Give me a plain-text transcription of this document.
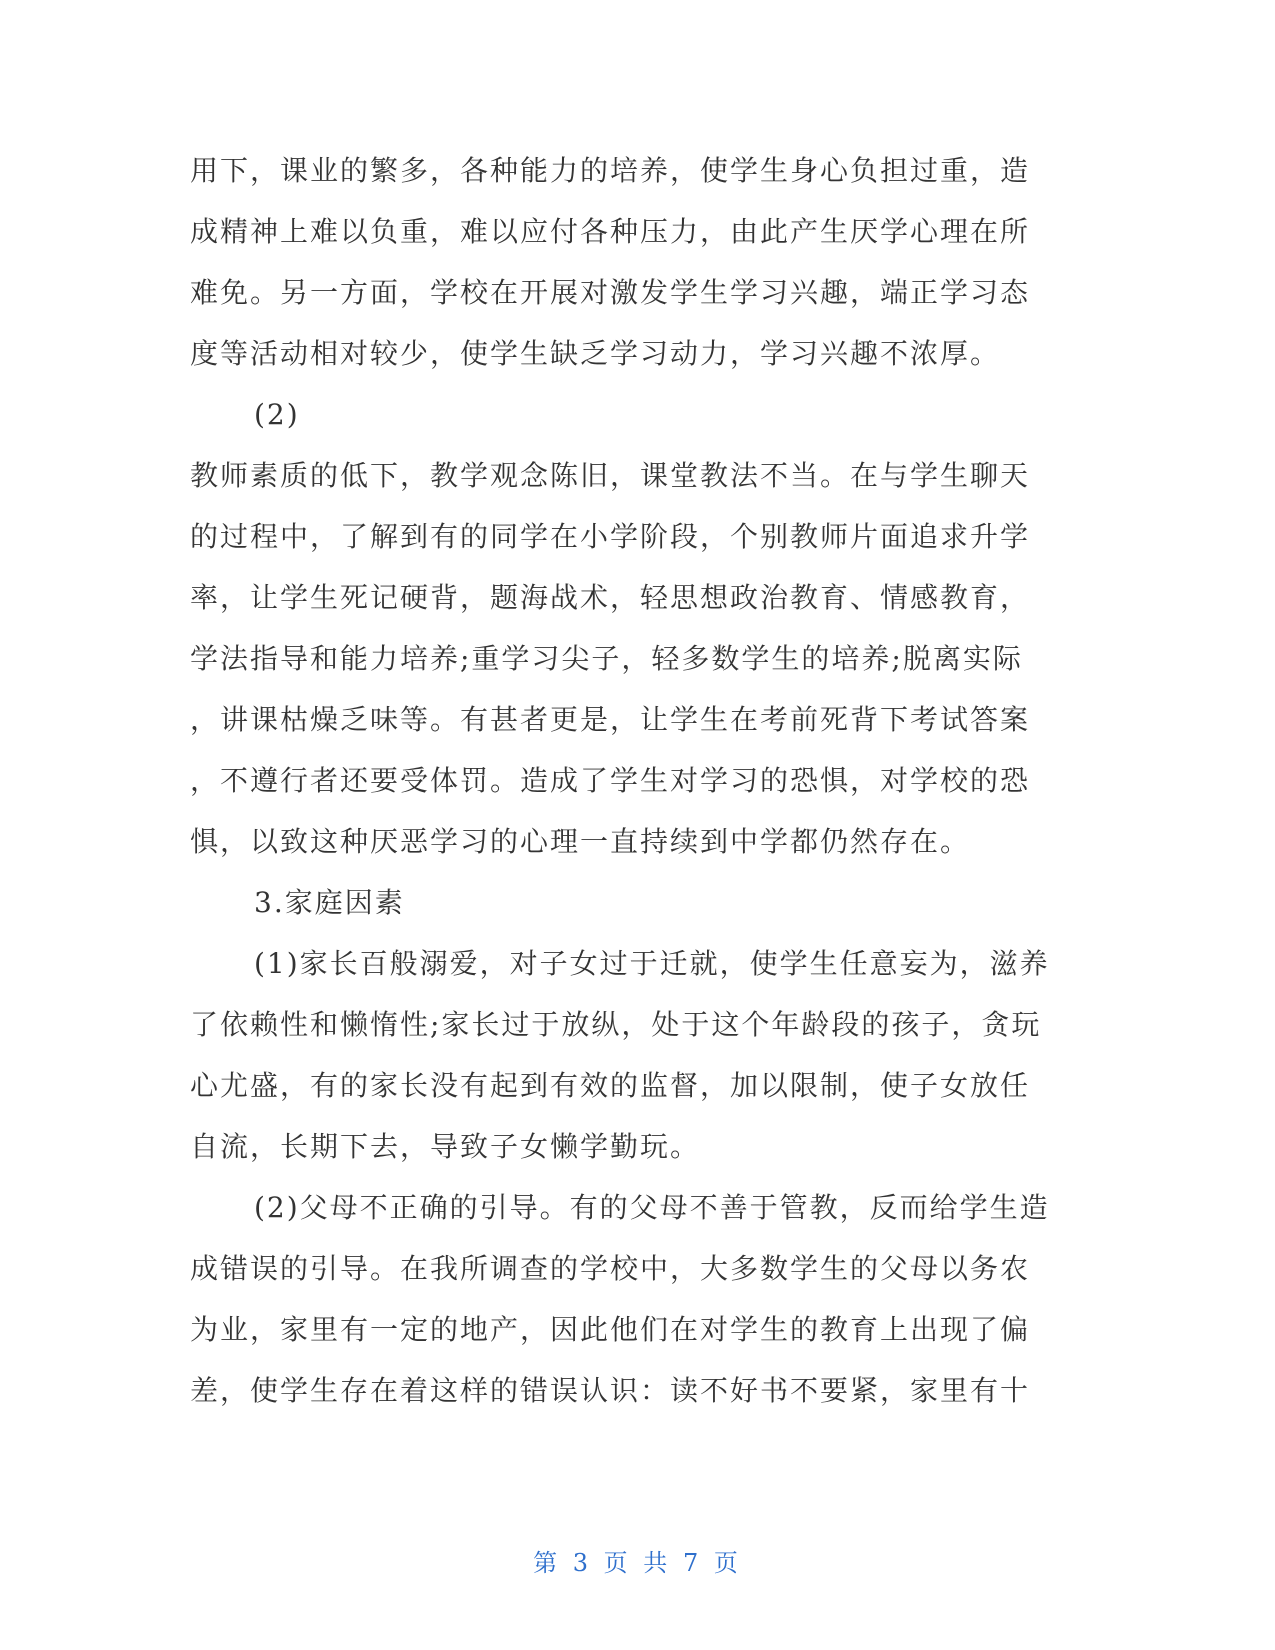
用下，课业的繁多，各种能力的培养，使学生身心负担过重，造
成精神上难以负重，难以应付各种压力，由此产生厌学心理在所
难免。另一方面，学校在开展对激发学生学习兴趣，端正学习态
度等活动相对较少，使学生缺乏学习动力，学习兴趣不浓厚。
(2)
教师素质的低下，教学观念陈旧，课堂教法不当。在与学生聊天
的过程中，了解到有的同学在小学阶段，个别教师片面追求升学
率，让学生死记硬背，题海战术，轻思想政治教育、情感教育，
学法指导和能力培养;重学习尖子，轻多数学生的培养;脱离实际
，讲课枯燥乏味等。有甚者更是，让学生在考前死背下考试答案
，不遵行者还要受体罚。造成了学生对学习的恐惧，对学校的恐
惧，以致这种厌恶学习的心理一直持续到中学都仍然存在。
3.家庭因素
(1)家长百般溺爱，对子女过于迁就，使学生任意妄为，滋养
了依赖性和懒惰性;家长过于放纵，处于这个年龄段的孩子，贪玩
心尤盛，有的家长没有起到有效的监督，加以限制，使子女放任
自流，长期下去，导致子女懒学勤玩。
(2)父母不正确的引导。有的父母不善于管教，反而给学生造
成错误的引导。在我所调查的学校中，大多数学生的父母以务农
为业，家里有一定的地产，因此他们在对学生的教育上出现了偏
差，使学生存在着这样的错误认识：读不好书不要紧，家里有十
第 3 页 共 7 页
